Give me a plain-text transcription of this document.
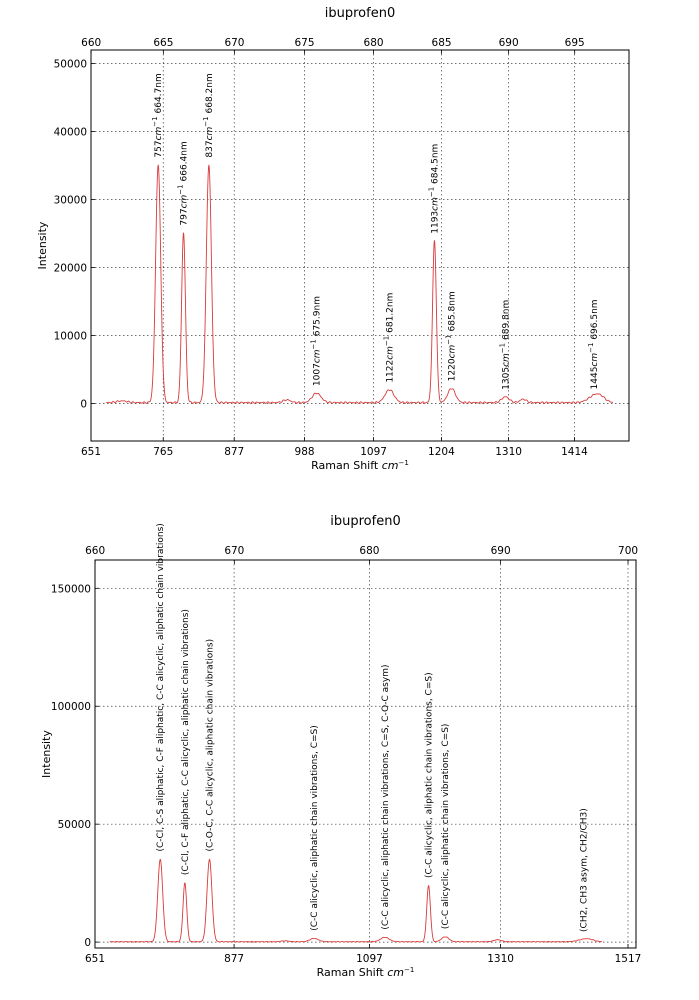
ibuprofen0
0
10000
20000
30000
40000
50000
651	765	877	988	1097	1204	1310	1414
660	665	670	675	680	685	690	695
$757cm^{-1}$ 664.7nm
$797cm^{-1}$ 666.4nm	$837cm^{-1}$ 668.2nm
$1007cm^{-1}$ 675.9nm
$1122cm^{-1}$ 681.2nm
$1193cm^{-1}$ 684.5nm
$1220cm^{-1}$ 685.8nm
$1305cm^{-1}$ 689.8nm
$1445cm^{-1}$ 696.5nm
Raman Shift $cm^{-1}$
Intensity
ibuprofen0
0
50000
100000
150000
651	877	1097	1310	1517
660	670	680	690	700
(C-Cl, C-S aliphatic, C-F aliphatic, C-C alicyclic, aliphatic chain vibrations) (C-Cl, C-F aliphatic, C-C alicyclic, aliphatic chain vibrations) (C-O-C, C-C alicyclic, aliphatic chain vibrations)	(C-C alicyclic, aliphatic chain vibrations, C=S)	(C-C alicyclic, aliphatic chain vibrations, C=S, C-O-C asym)	(C-C alicyclic, aliphatic chain vibrations, C=S) (C-C alicyclic, aliphatic chain vibrations, C=S)	(CH2, CH3 asym, CH2/CH3)
Raman Shift $cm^{-1}$
Intensity
